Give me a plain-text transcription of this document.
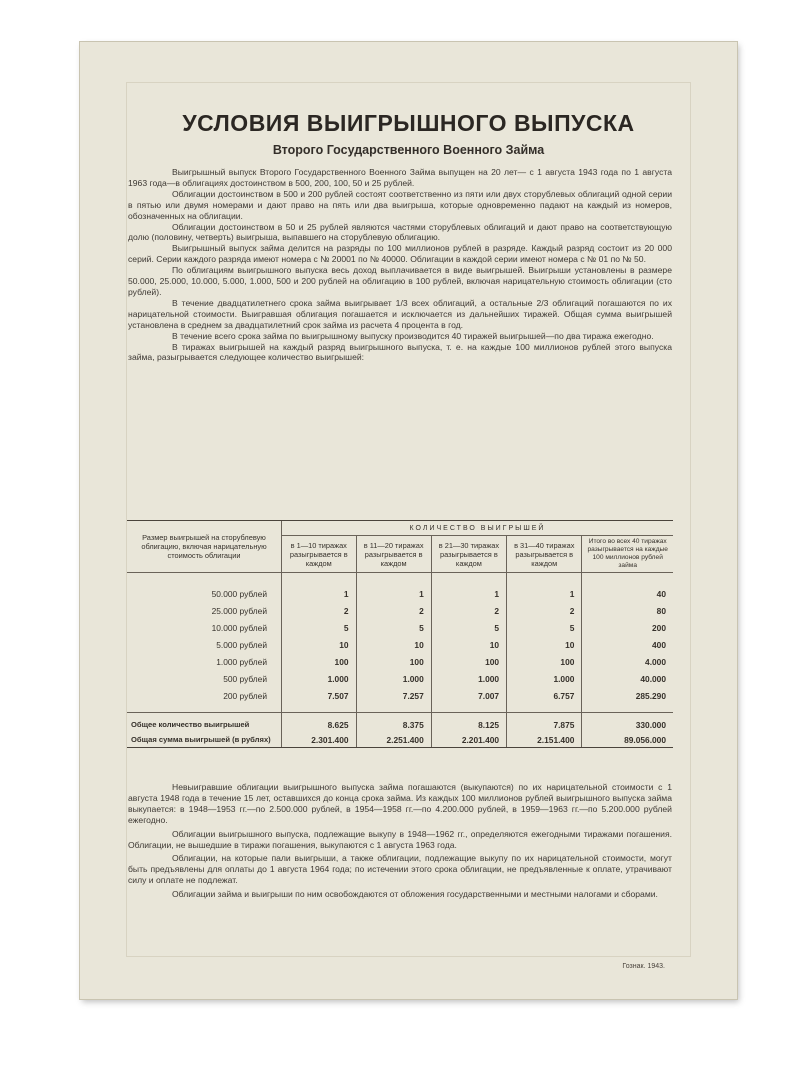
УСЛОВИЯ ВЫИГРЫШНОГО ВЫПУСКА
Второго Государственного Военного Займа

Выигрышный выпуск Второго Государственного Военного Займа выпущен на 20 лет— с 1 августа 1943 года по 1 августа 1963 года—в облигациях достоинством в 500, 200, 100, 50 и 25 рублей.

Облигации достоинством в 500 и 200 рублей состоят соответственно из пяти или двух стоpублевых облигаций одной серии в пятью или двумя номерами и дают право на пять или два выигрыша, которые одновременно падают на каждый из номеров, обозначенных на облигации.

Облигации достоинством в 50 и 25 рублей являются частями стоpублевых облигаций и дают право на соответствующую долю (половину, четверть) выигрыша, выпавшего на стоpублевую облигацию.

Выигрышный выпуск займа делится на разряды по 100 миллионов рублей в разряде. Каждый разряд состоит из 20 000 серий. Серии каждого разряда имеют номера с № 20001 по № 40000. Облигации в каждой серии имеют номера с № 01 по № 50.

По облигациям выигрышного выпуска весь доход выплачивается в виде выигрышей. Выигрыши установлены в размере 50.000, 25.000, 10.000, 5.000, 1.000, 500 и 200 рублей на облигацию в 100 рублей, включая нарицательную стоимость облигации (сто рублей).

В течение двадцатилетнего срока займа выигрывает 1/3 всех облигаций, а остальные 2/3 облигаций погашаются по их нарицательной стоимости. Выигравшая облигация погашается и исключается из дальнейших тиражей. Общая сумма выигрышей установлена в среднем за двадцатилетний срок займа из расчета 4 процента в год.

В течение всего срока займа по выигрышному выпуску производится 40 тиражей выигрышей—по два тиража ежегодно.

В тиражах выигрышей на каждый разряд выигрышного выпуска, т. е. на каждые 100 миллионов рублей этого выпуска займа, разыгрывается следующее количество выигрышей:

Размер выигрышей на стоpублевую облигацию, включая нарицательную стоимость облигации	КОЛИЧЕСТВО ВЫИГРЫШЕЙ				
	в 1—10 тиражах разыгрывается в каждом	в 11—20 тиражах разыгрывается в каждом	в 21—30 тиражах разыгрывается в каждом	в 31—40 тиражах разыгрывается в каждом	Итого во всех 40 тиражах разыгрывается на каждые 100 миллионов рублей займа
50.000 рублей	1	1	1	1	40
25.000 рублей	2	2	2	2	80
10.000 рублей	5	5	5	5	200
5.000 рублей	10	10	10	10	400
1.000 рублей	100	100	100	100	4.000
500 рублей	1.000	1.000	1.000	1.000	40.000
200 рублей	7.507	7.257	7.007	6.757	285.290
Общее количество выигрышей	8.625	8.375	8.125	7.875	330.000
Общая сумма выигрышей (в рублях)	2.301.400	2.251.400	2.201.400	2.151.400	89.056.000

Невыигравшие облигации выигрышного выпуска займа погашаются (выкупаются) по их нарицательной стоимости с 1 августа 1948 года в течение 15 лет, оставшихся до конца срока займа. Из каждых 100 миллионов рублей выигрышного выпуска займа выкупается: в 1948—1953 гг.—по 2.500.000 рублей, в 1954—1958 гг.—по 4.200.000 рублей, в 1959—1963 гг.—по 5.200.000 рублей ежегодно.

Облигации выигрышного выпуска, подлежащие выкупу в 1948—1962 гг., определяются ежегодными тиражами погашения. Облигации, не вышедшие в тиражи погашения, выкупаются с 1 августа 1963 года.

Облигации, на которые пали выигрыши, а также облигации, подлежащие выкупу по их нарицательной стоимости, могут быть предъявлены для оплаты до 1 августа 1964 года; по истечении этого срока облигации, не предъявленные к оплате, утрачивают силу и оплате не подлежат.

Облигации займа и выигрыши по ним освобождаются от обложения государственными и местными налогами и сборами.

Гознак. 1943.
